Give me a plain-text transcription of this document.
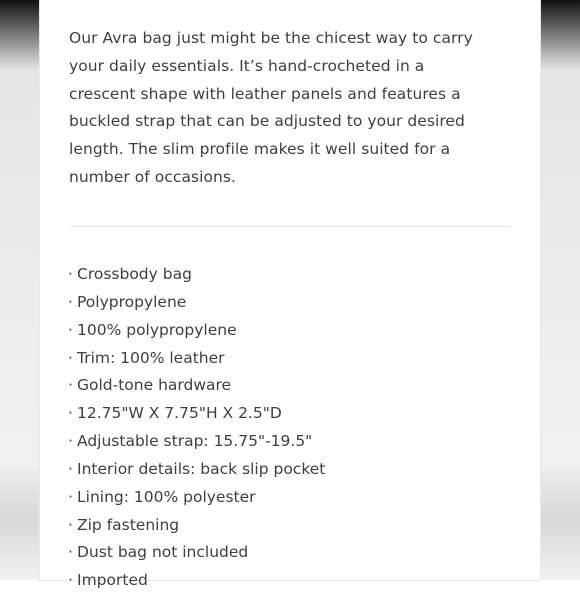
Our Avra bag just might be the chicest way to carry
your daily essentials. It’s hand-crocheted in a
crescent shape with leather panels and features a
buckled strap that can be adjusted to your desired
length. The slim profile makes it well suited for a
number of occasions.

· Crossbody bag
· Polypropylene
· 100% polypropylene
· Trim: 100% leather
· Gold-tone hardware
· 12.75"W X 7.75"H X 2.5"D
· Adjustable strap: 15.75"-19.5"
· Interior details: back slip pocket
· Lining: 100% polyester
· Zip fastening
· Dust bag not included
· Imported
